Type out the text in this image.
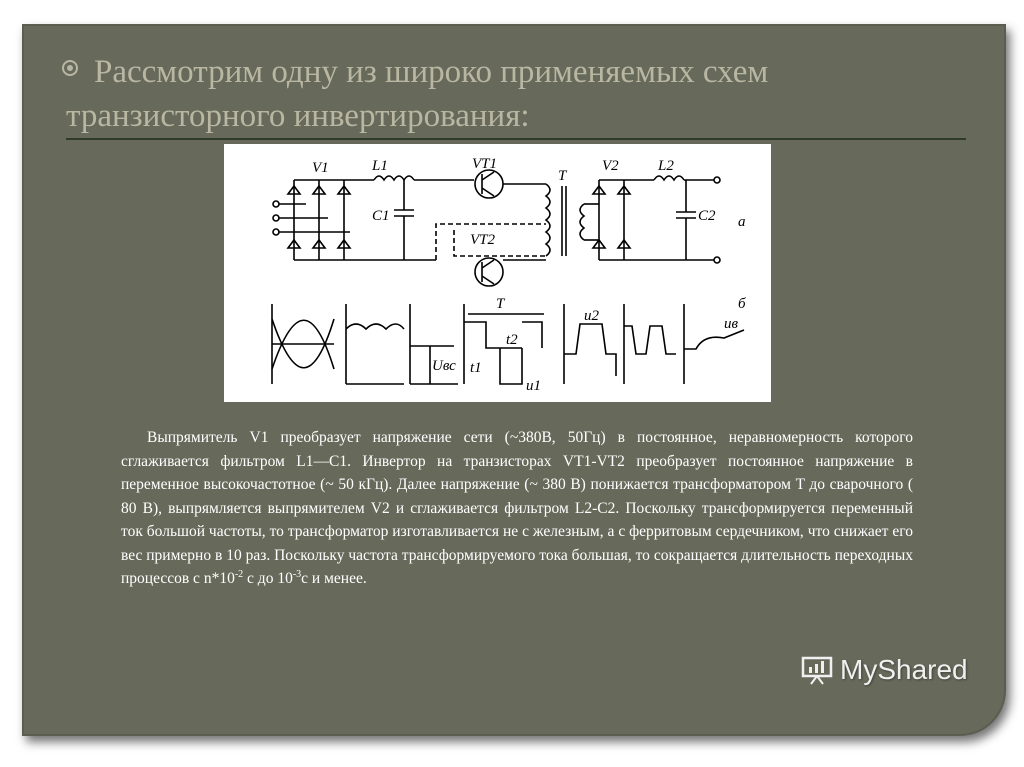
Рассмотрим одну из широко применяемых схем транзисторного инвертирования:
V1	L1	VT1
T
V2	L2
C1
VT2
C2 а
б
T
t2
t1
Uвс
u1
u2	uв

Выпрямитель V1 преобразует напряжение сети (~380В, 50Гц) в постоянное, неравномерность которого сглаживается фильтром L1—C1. Инвертор на транзисторах VT1-VT2 преобразует постоянное напряжение в переменное высокочастотное (~ 50 кГц). Далее напряжение (~ 380 В) понижается трансформатором T до сварочного ( 80 В), выпрямляется выпрямителем V2 и сглаживается фильтром L2-C2. Поскольку трансформируется переменный ток большой частоты, то трансформатор изготавливается не с железным, а с ферритовым сердечником, что снижает его вес примерно в 10 раз. Поскольку частота трансформируемого тока большая, то сокращается длительность переходных процессов с $n*10^{-2}$ с до $10^{-3}с$ и менее.

MyShared
